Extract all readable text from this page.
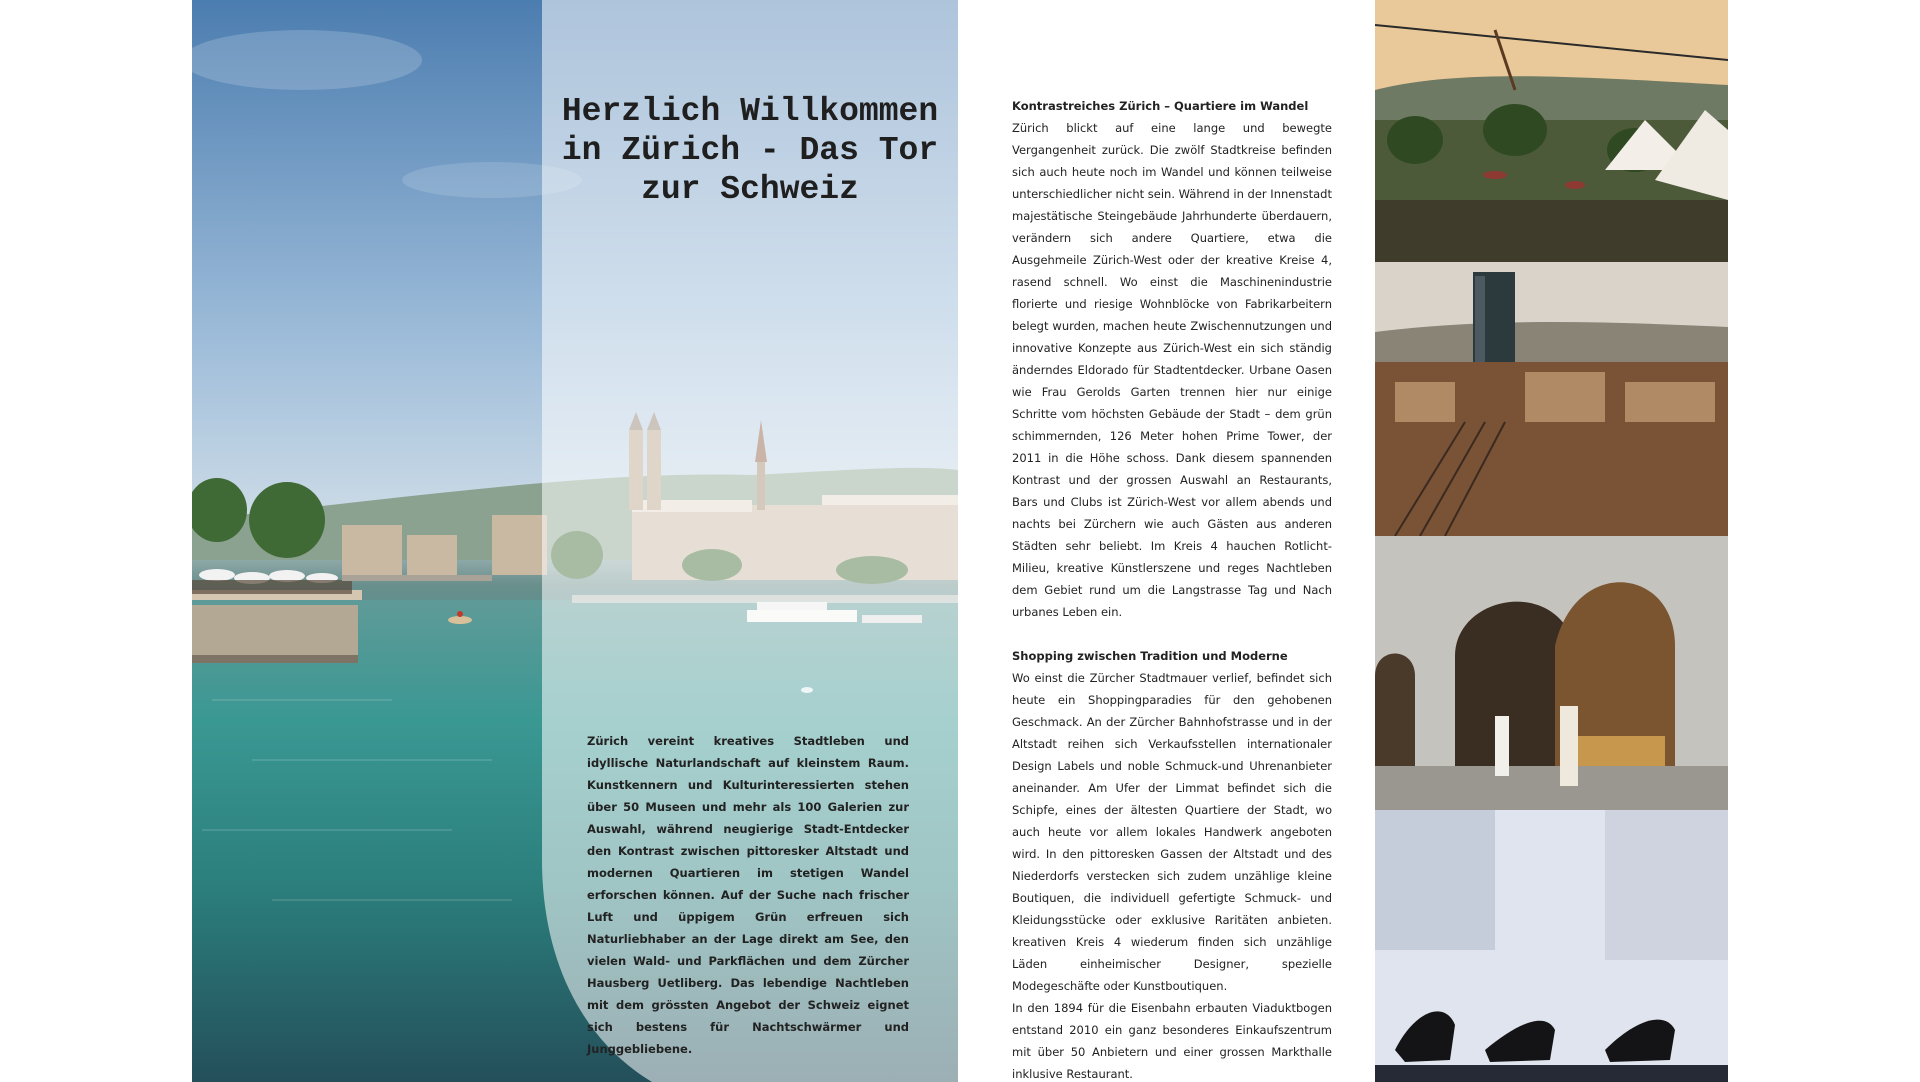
Herzlich Willkommen in Zürich - Das Tor zur Schweiz

Zürich vereint kreatives Stadtleben und idyllische Naturlandschaft auf kleinstem Raum. Kunstkennern und Kulturinteressierten stehen über 50 Museen und mehr als 100 Galerien zur Auswahl, während neugierige Stadt-Entdecker den Kontrast zwischen pittoresker Altstadt und modernen Quartieren im stetigen Wandel erforschen können. Auf der Suche nach frischer Luft und üppigem Grün erfreuen sich Naturliebhaber an der Lage direkt am See, den vielen Wald- und Parkflächen und dem Zürcher Hausberg Uetliberg. Das lebendige Nachtleben mit dem grössten Angebot der Schweiz eignet sich bestens für Nachtschwärmer und Junggebliebene.

Kontrastreiches Zürich – Quartiere im Wandel

Zürich blickt auf eine lange und bewegte Vergangenheit zurück. Die zwölf Stadtkreise befinden sich auch heute noch im Wandel und können teilweise unterschiedlicher nicht sein. Während in der Innenstadt majestätische Steingebäude Jahrhunderte überdauern, verändern sich andere Quartiere, etwa die Ausgehmeile Zürich-West oder der kreative Kreise 4, rasend schnell. Wo einst die Maschinenindustrie florierte und riesige Wohnblöcke von Fabrikarbeitern belegt wurden, machen heute Zwischennutzungen und innovative Konzepte aus Zürich-West ein sich ständig änderndes Eldorado für Stadtentdecker. Urbane Oasen wie Frau Gerolds Garten trennen hier nur einige Schritte vom höchsten Gebäude der Stadt – dem grün schimmernden, 126 Meter hohen Prime Tower, der 2011 in die Höhe schoss. Dank diesem spannenden Kontrast und der grossen Auswahl an Restaurants, Bars und Clubs ist Zürich-West vor allem abends und nachts bei Zürchern wie auch Gästen aus anderen Städten sehr beliebt. Im Kreis 4 hauchen Rotlicht-Milieu, kreative Künstlerszene und reges Nachtleben dem Gebiet rund um die Langstrasse Tag und Nach urbanes Leben ein.

Shopping zwischen Tradition und Moderne

Wo einst die Zürcher Stadtmauer verlief, befindet sich heute ein Shoppingparadies für den gehobenen Geschmack. An der Zürcher Bahnhofstrasse und in der Altstadt reihen sich Verkaufsstellen internationaler Design Labels und noble Schmuck-und Uhrenanbieter aneinander. Am Ufer der Limmat befindet sich die Schipfe, eines der ältesten Quartiere der Stadt, wo auch heute vor allem lokales Handwerk angeboten wird. In den pittoresken Gassen der Altstadt und des Niederdorfs verstecken sich zudem unzählige kleine Boutiquen, die individuell gefertigte Schmuck- und Kleidungsstücke oder exklusive Raritäten anbieten. kreativen Kreis 4 wiederum finden sich unzählige Läden einheimischer Designer, spezielle Modegeschäfte oder Kunstboutiquen.

In den 1894 für die Eisenbahn erbauten Viaduktbogen entstand 2010 ein ganz besonderes Einkaufszentrum mit über 50 Anbietern und einer grossen Markthalle inklusive Restaurant.
